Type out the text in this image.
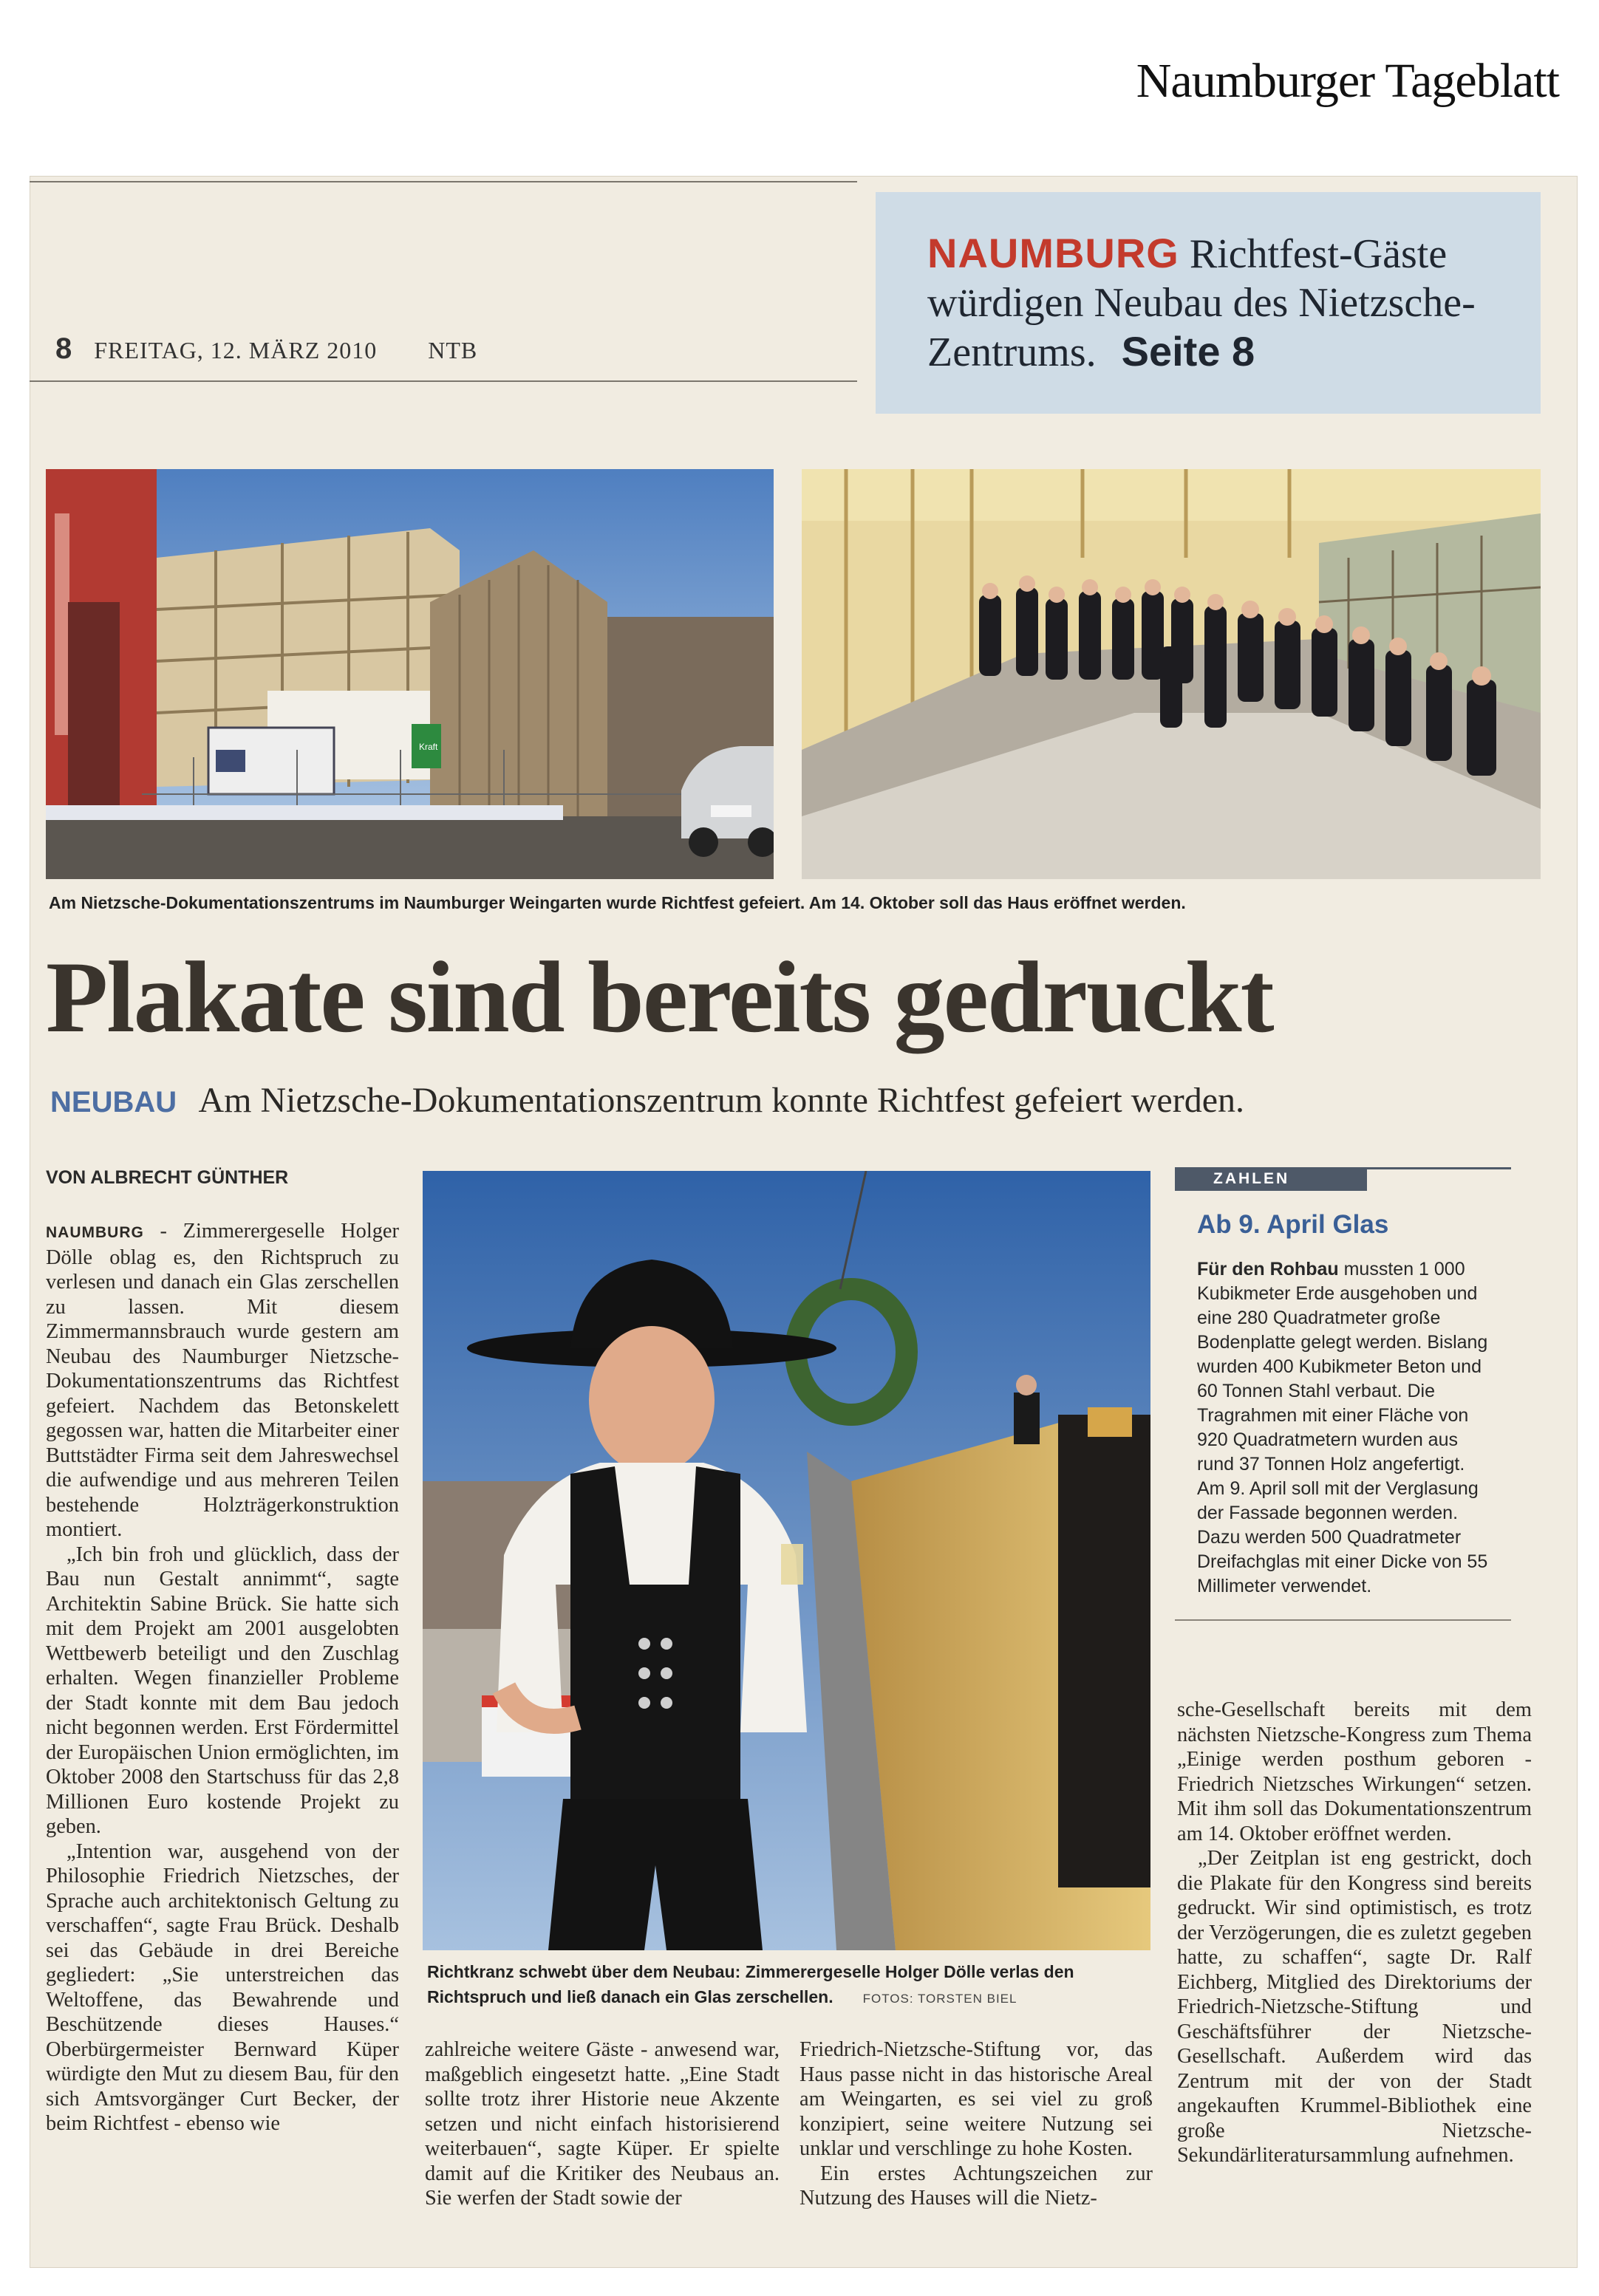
Naumburger Tageblatt
8 FREITAG, 12. MÄRZ 2010 NTB
NAUMBURG Richtfest-Gäste würdigen Neubau des Nietzsche-Zentrums. Seite 8
Kraft
Am Nietzsche-Dokumentationszentrums im Naumburger Weingarten wurde Richtfest gefeiert. Am 14. Oktober soll das Haus eröffnet werden.
Plakate sind bereits gedruckt
NEUBAU Am Nietzsche-Dokumentationszentrum konnte Richtfest gefeiert werden.
VON ALBRECHT GÜNTHER

NAUMBURG - Zimmerergeselle Holger Dölle oblag es, den Richtspruch zu verlesen und danach ein Glas zerschellen zu lassen. Mit diesem Zimmermannsbrauch wurde gestern am Neubau des Naumburger Nietzsche-Dokumentationszentrums das Richtfest gefeiert. Nachdem das Betonskelett gegossen war, hatten die Mitarbeiter einer Buttstädter Firma seit dem Jahreswechsel die aufwendige und aus mehreren Teilen bestehende Holzträgerkonstruktion montiert.

„Ich bin froh und glücklich, dass der Bau nun Gestalt annimmt“, sagte Architektin Sabine Brück. Sie hatte sich mit dem Projekt am 2001 ausgelobten Wettbewerb beteiligt und den Zuschlag erhalten. Wegen finanzieller Probleme der Stadt konnte mit dem Bau jedoch nicht begonnen werden. Erst Fördermittel der Europäischen Union ermöglichten, im Oktober 2008 den Startschuss für das 2,8 Millionen Euro kostende Projekt zu geben.

„Intention war, ausgehend von der Philosophie Friedrich Nietzsches, der Sprache auch architektonisch Geltung zu verschaffen“, sagte Frau Brück. Deshalb sei das Gebäude in drei Bereiche gegliedert: „Sie unterstreichen das Weltoffene, das Bewahrende und Beschützende dieses Hauses.“ Oberbürgermeister Bernward Küper würdigte den Mut zu diesem Bau, für den sich Amtsvorgänger Curt Becker, der beim Richtfest - ebenso wie

Richtkranz schwebt über dem Neubau: Zimmerergeselle Holger Dölle verlas den Richtspruch und ließ danach ein Glas zerschellen. FOTOS: TORSTEN BIEL

zahlreiche weitere Gäste - anwesend war, maßgeblich eingesetzt hatte. „Eine Stadt sollte trotz ihrer Historie neue Akzente setzen und nicht einfach historisierend weiterbauen“, sagte Küper. Er spielte damit auf die Kritiker des Neubaus an. Sie werfen der Stadt sowie der

Friedrich-Nietzsche-Stiftung vor, das Haus passe nicht in das historische Areal am Weingarten, es sei viel zu groß konzipiert, seine weitere Nutzung sei unklar und verschlinge zu hohe Kosten.

Ein erstes Achtungszeichen zur Nutzung des Hauses will die Nietz-

ZAHLEN
Ab 9. April Glas
Für den Rohbau mussten 1 000 Kubikmeter Erde ausgehoben und eine 280 Quadratmeter große Bodenplatte gelegt werden. Bislang wurden 400 Kubikmeter Beton und 60 Tonnen Stahl verbaut. Die Tragrahmen mit einer Fläche von 920 Quadratmetern wurden aus rund 37 Tonnen Holz angefertigt. Am 9. April soll mit der Verglasung der Fassade begonnen werden. Dazu werden 500 Quadratmeter Dreifachglas mit einer Dicke von 55 Millimeter verwendet.

sche-Gesellschaft bereits mit dem nächsten Nietzsche-Kongress zum Thema „Einige werden posthum geboren - Friedrich Nietzsches Wirkungen“ setzen. Mit ihm soll das Dokumentationszentrum am 14. Oktober eröffnet werden.

„Der Zeitplan ist eng gestrickt, doch die Plakate für den Kongress sind bereits gedruckt. Wir sind optimistisch, es trotz der Verzögerungen, die es zuletzt gegeben hatte, zu schaffen“, sagte Dr. Ralf Eichberg, Mitglied des Direktoriums der Friedrich-Nietzsche-Stiftung und Geschäftsführer der Nietzsche-Gesellschaft. Außerdem wird das Zentrum mit der von der Stadt angekauften Krummel-Bibliothek eine große Nietzsche-Sekundärliteratursammlung aufnehmen.
